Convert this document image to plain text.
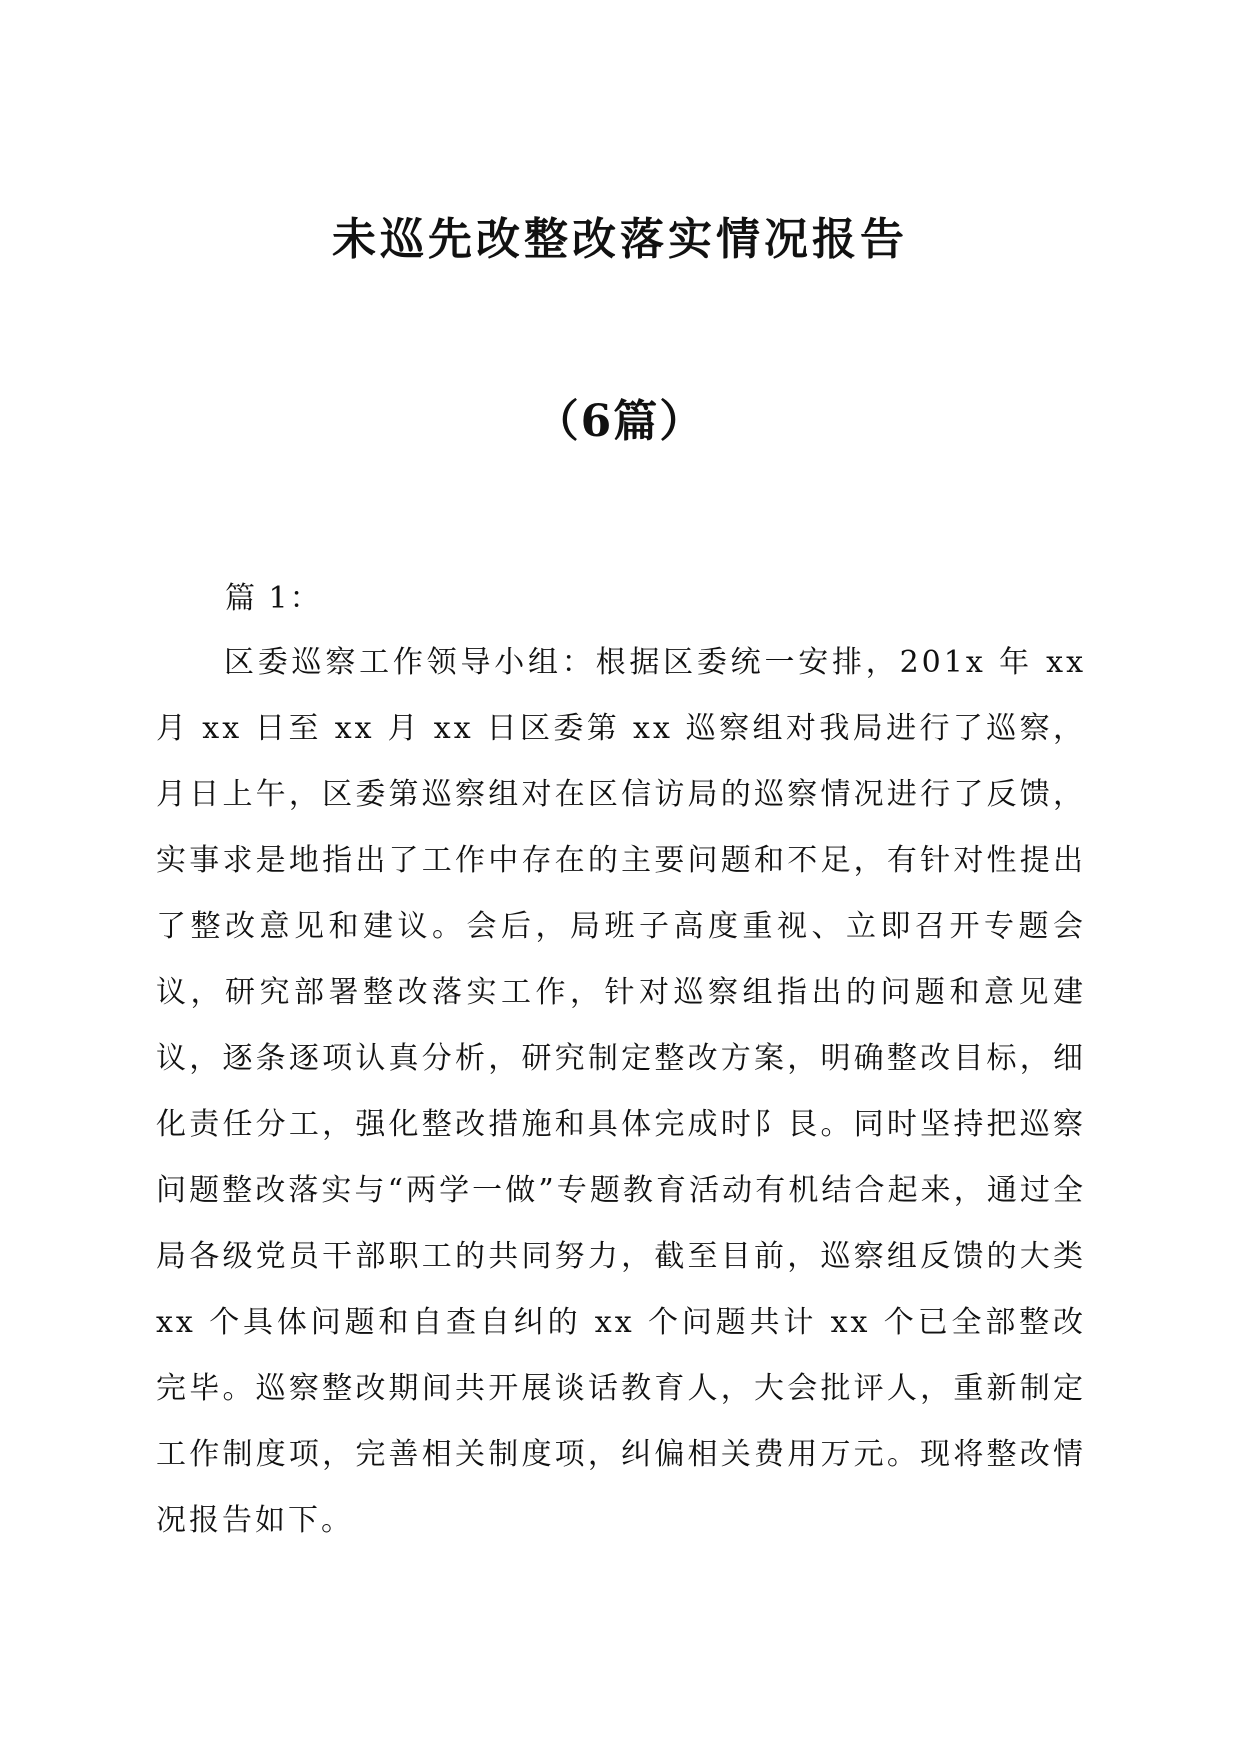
未巡先改整改落实情况报告
（6篇）
篇 1：
区委巡察工作领导小组：根据区委统一安排，201x 年 xx 月 xx 日至 xx 月 xx 日区委第 xx 巡察组对我局进行了巡察，月日上午，区委第巡察组对在区信访局的巡察情况进行了反馈，实事求是地指出了工作中存在的主要问题和不足，有针对性提出了整改意见和建议。会后，局班子高度重视、立即召开专题会议，研究部署整改落实工作，针对巡察组指出的问题和意见建议，逐条逐项认真分析，研究制定整改方案，明确整改目标，细化责任分工，强化整改措施和具体完成时阝艮。同时坚持把巡察问题整改落实与“两学一做”专题教育活动有机结合起来，通过全局各级党员干部职工的共同努力，截至目前，巡察组反馈的大类 xx 个具体问题和自查自纠的 xx 个问题共计 xx 个已全部整改完毕。巡察整改期间共开展谈话教育人，大会批评人，重新制定工作制度项，完善相关制度项，纠偏相关费用万元。现将整改情况报告如下。
